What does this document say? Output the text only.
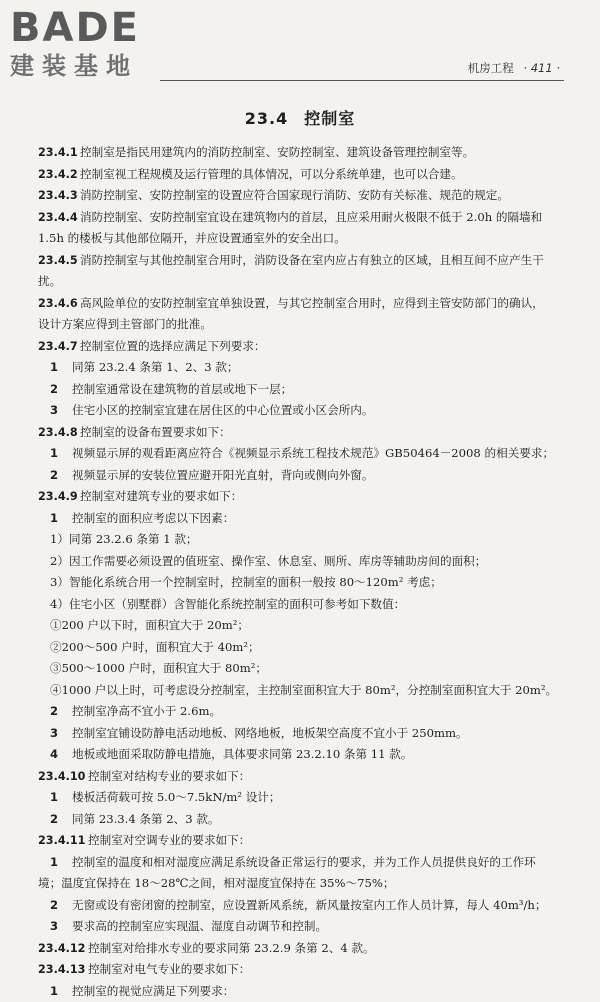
BADE
建装基地	机房工程 · 411 ·
23.4 控制室
23.4.1 控制室是指民用建筑内的消防控制室、安防控制室、建筑设备管理控制室等。
23.4.2 控制室视工程规模及运行管理的具体情况，可以分系统单建，也可以合建。
23.4.3 消防控制室、安防控制室的设置应符合国家现行消防、安防有关标准、规范的规定。
23.4.4 消防控制室、安防控制室宜设在建筑物内的首层，且应采用耐火极限不低于 2.0h 的隔墙和
1.5h 的楼板与其他部位隔开，并应设置通室外的安全出口。
23.4.5 消防控制室与其他控制室合用时，消防设备在室内应占有独立的区域，且相互间不应产生干
扰。
23.4.6 高风险单位的安防控制室宜单独设置，与其它控制室合用时，应得到主管安防部门的确认，
设计方案应得到主管部门的批准。
23.4.7 控制室位置的选择应满足下列要求：
1 同第 23.2.4 条第 1、2、3 款；
2 控制室通常设在建筑物的首层或地下一层；
3 住宅小区的控制室宜建在居住区的中心位置或小区会所内。
23.4.8 控制室的设备布置要求如下：
1 视频显示屏的观看距离应符合《视频显示系统工程技术规范》GB50464－2008 的相关要求；
2 视频显示屏的安装位置应避开阳光直射，背向或侧向外窗。
23.4.9 控制室对建筑专业的要求如下：
1 控制室的面积应考虑以下因素：
1）同第 23.2.6 条第 1 款；
2）因工作需要必须设置的值班室、操作室、休息室、厕所、库房等辅助房间的面积；
3）智能化系统合用一个控制室时，控制室的面积一般按 80～120m² 考虑；
4）住宅小区（别墅群）含智能化系统控制室的面积可参考如下数值：
①200 户以下时，面积宜大于 20m²；
②200～500 户时，面积宜大于 40m²；
③500～1000 户时，面积宜大于 80m²；
④1000 户以上时，可考虑设分控制室，主控制室面积宜大于 80m²，分控制室面积宜大于 20m²。
2 控制室净高不宜小于 2.6m。
3 控制室宜铺设防静电活动地板、网络地板，地板架空高度不宜小于 250mm。
4 地板或地面采取防静电措施，具体要求同第 23.2.10 条第 11 款。
23.4.10 控制室对结构专业的要求如下：
1 楼板活荷载可按 5.0～7.5kN/m² 设计；
2 同第 23.3.4 条第 2、3 款。
23.4.11 控制室对空调专业的要求如下：
1 控制室的温度和相对湿度应满足系统设备正常运行的要求，并为工作人员提供良好的工作环
境；温度宜保持在 18～28℃之间，相对湿度宜保持在 35%～75%；
2 无窗或设有密闭窗的控制室，应设置新风系统，新风量按室内工作人员计算，每人 40m³/h；
3 要求高的控制室应实现温、湿度自动调节和控制。
23.4.12 控制室对给排水专业的要求同第 23.2.9 条第 2、4 款。
23.4.13 控制室对电气专业的要求如下：
1 控制室的视觉应满足下列要求：
